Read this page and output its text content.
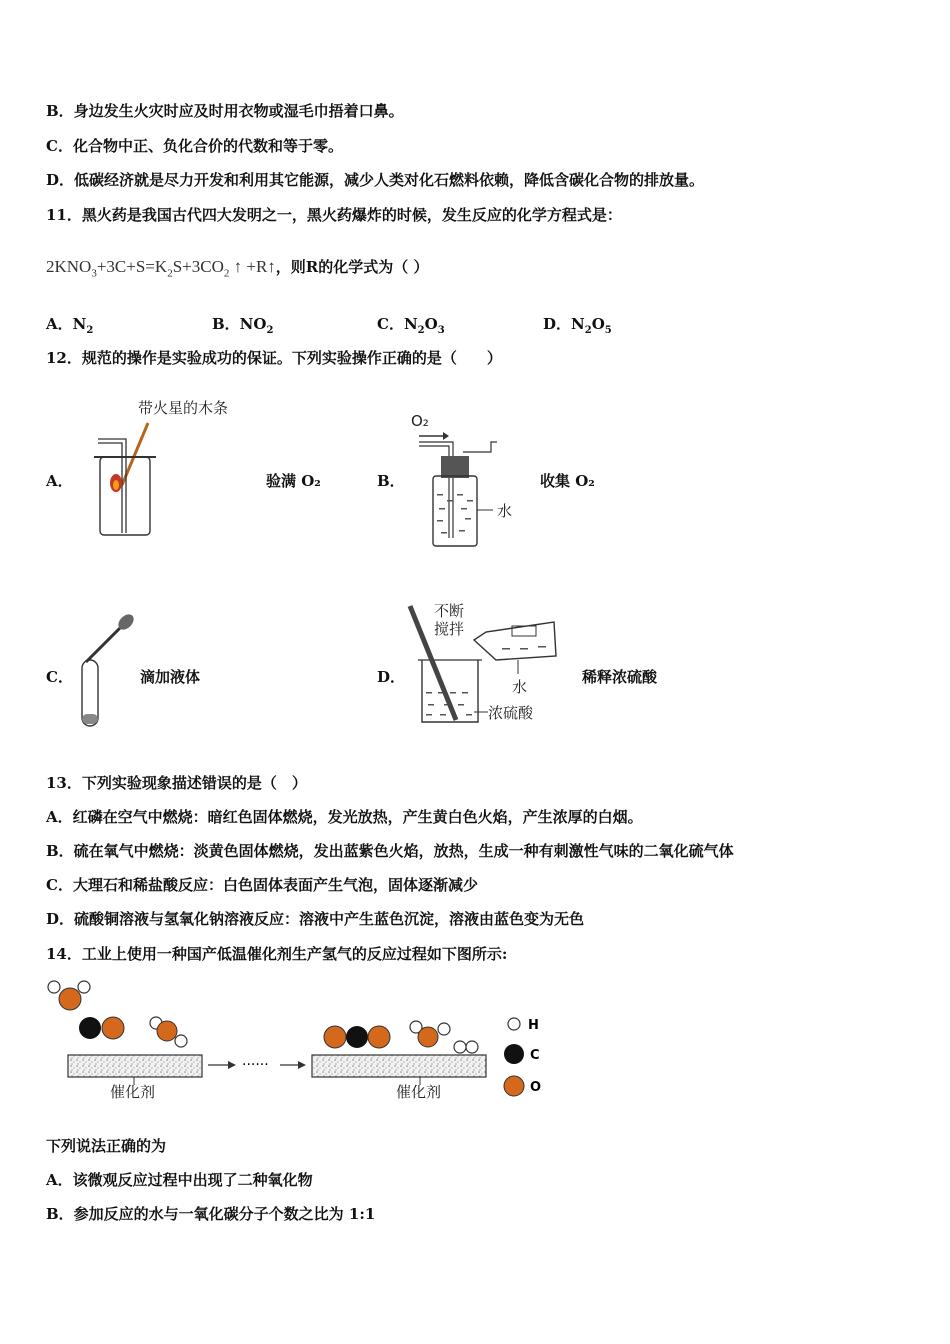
B．身边发生火灾时应及时用衣物或湿毛巾捂着口鼻。
C．化合物中正、负化合价的代数和等于零。
D．低碳经济就是尽力开发和利用其它能源，减少人类对化石燃料依赖，降低含碳化合物的排放量。
11．黑火药是我国古代四大发明之一，黑火药爆炸的时候，发生反应的化学方程式是：
$2KNO_3+3C+S=K_2S+3CO_2$ ↑ +R↑，则R的化学式为（ ）
A．$N_2$	B．$NO_2$	C．$N_2O_3$	D．$N_2O_5$
12．规范的操作是实验成功的保证。下列实验操作正确的是（　　）
A．
带火星的木条
验满 O₂	B．
O₂
水
收集 O₂
C．	滴加液体	D．
不断
搅拌
水
浓硫酸
稀释浓硫酸
13．下列实验现象描述错误的是（　）
A．红磷在空气中燃烧：暗红色固体燃烧，发光放热，产生黄白色火焰，产生浓厚的白烟。
B．硫在氧气中燃烧：淡黄色固体燃烧，发出蓝紫色火焰，放热，生成一种有刺激性气味的二氧化硫气体
C．大理石和稀盐酸反应：白色固体表面产生气泡，固体逐渐减少
D．硫酸铜溶液与氢氧化钠溶液反应：溶液中产生蓝色沉淀，溶液由蓝色变为无色
14．工业上使用一种国产低温催化剂生产氢气的反应过程如下图所示:
催化剂
······
催化剂
H
C
O
下列说法正确的为
A．该微观反应过程中出现了二种氧化物
B．参加反应的水与一氧化碳分子个数之比为 1:1
